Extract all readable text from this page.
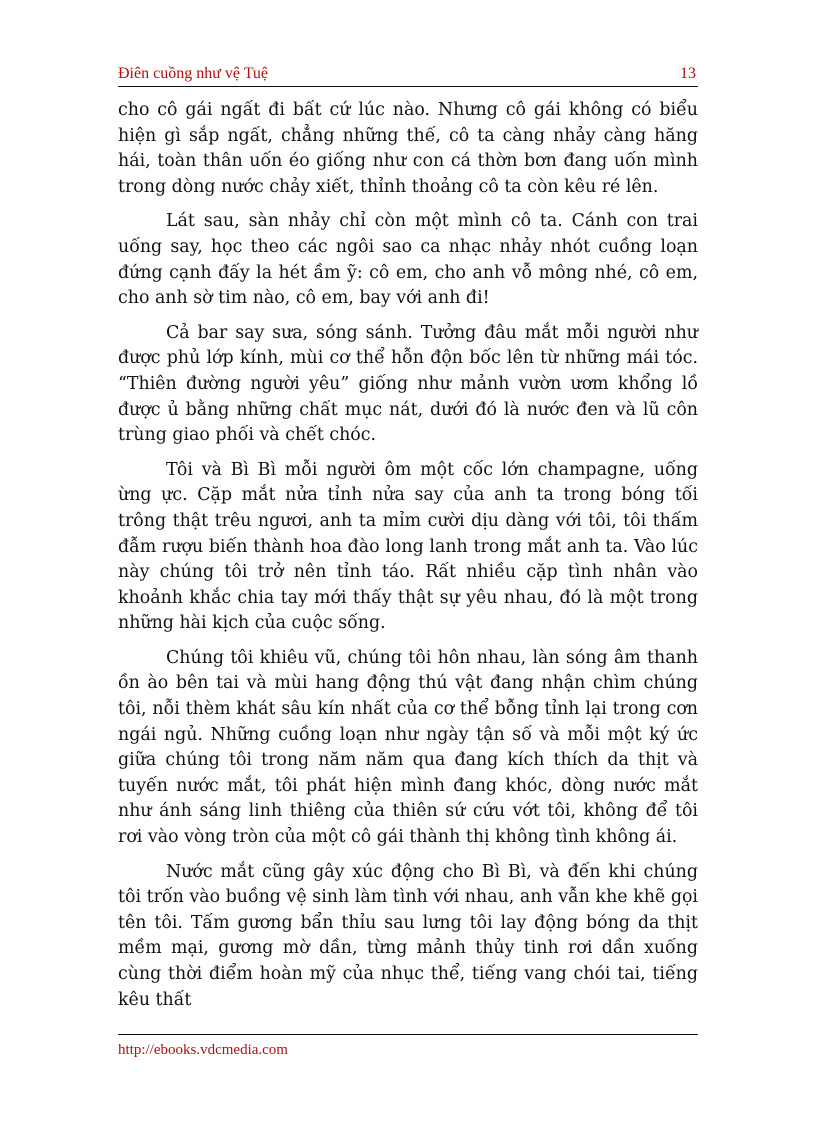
Điên cuồng như vệ Tuệ	13

cho cô gái ngất đi bất cứ lúc nào. Nhưng cô gái không có biểu hiện gì sắp ngất, chẳng những thế, cô ta càng nhảy càng hăng hái, toàn thân uốn éo giống như con cá thờn bơn đang uốn mình trong dòng nước chảy xiết, thỉnh thoảng cô ta còn kêu ré lên.

Lát sau, sàn nhảy chỉ còn một mình cô ta. Cánh con trai uống say, học theo các ngôi sao ca nhạc nhảy nhót cuồng loạn đứng cạnh đấy la hét ầm ỹ: cô em, cho anh vỗ mông nhé, cô em, cho anh sờ tim nào, cô em, bay với anh đi!

Cả bar say sưa, sóng sánh. Tưởng đâu mắt mỗi người như được phủ lớp kính, mùi cơ thể hỗn độn bốc lên từ những mái tóc. “Thiên đường người yêu” giống như mảnh vườn ươm khổng lồ được ủ bằng những chất mục nát, dưới đó là nước đen và lũ côn trùng giao phối và chết chóc.

Tôi và Bì Bì mỗi người ôm một cốc lớn champagne, uống ừng ực. Cặp mắt nửa tỉnh nửa say của anh ta trong bóng tối trông thật trêu ngươi, anh ta mỉm cười dịu dàng với tôi, tôi thấm đẫm rượu biến thành hoa đào long lanh trong mắt anh ta. Vào lúc này chúng tôi trở nên tỉnh táo. Rất nhiều cặp tình nhân vào khoảnh khắc chia tay mới thấy thật sự yêu nhau, đó là một trong những hài kịch của cuộc sống.

Chúng tôi khiêu vũ, chúng tôi hôn nhau, làn sóng âm thanh ồn ào bên tai và mùi hang động thú vật đang nhận chìm chúng tôi, nỗi thèm khát sâu kín nhất của cơ thể bỗng tỉnh lại trong cơn ngái ngủ. Những cuồng loạn như ngày tận số và mỗi một ký ức giữa chúng tôi trong năm năm qua đang kích thích da thịt và tuyến nước mắt, tôi phát hiện mình đang khóc, dòng nước mắt như ánh sáng linh thiêng của thiên sứ cứu vớt tôi, không để tôi rơi vào vòng tròn của một cô gái thành thị không tình không ái.

Nước mắt cũng gây xúc động cho Bì Bì, và đến khi chúng tôi trốn vào buồng vệ sinh làm tình với nhau, anh vẫn khe khẽ gọi tên tôi. Tấm gương bẩn thỉu sau lưng tôi lay động bóng da thịt mềm mại, gương mờ dần, từng mảnh thủy tinh rơi dần xuống cùng thời điểm hoàn mỹ của nhục thể, tiếng vang chói tai, tiếng kêu thất

http://ebooks.vdcmedia.com
